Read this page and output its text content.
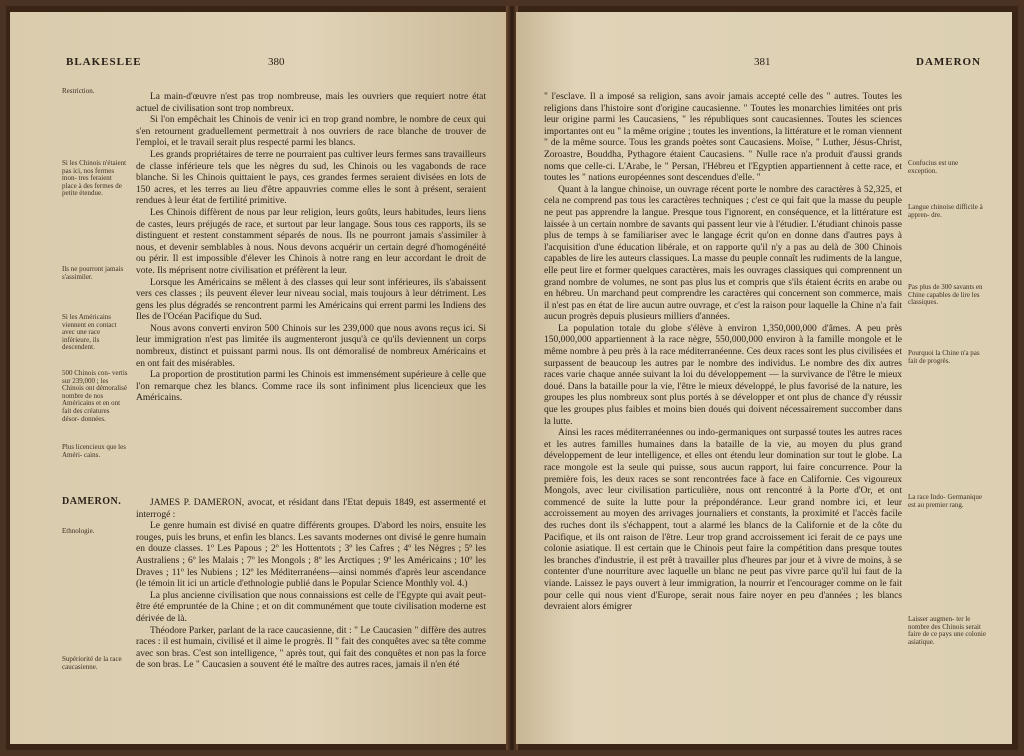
BLAKESLEE	380
Restriction.
Si les Chinois n'étaient pas ici, nos fermes mon- tres feraient place à des fermes de petite étendue.
Ils ne pourront jamais s'assimiler.
Si les Américains viennent en contact avec une race inférieure, ils descendent.
500 Chinois con- vertis sur 239,000 ; les Chinois ont démoralisé nombre de nos Américains et en ont fait des créatures désor- données.
Plus licencieux que les Améri- cains.

La main-d'œuvre n'est pas trop nombreuse, mais les ouvriers que requiert notre état actuel de civilisation sont trop nombreux.

Si l'on empêchait les Chinois de venir ici en trop grand nombre, le nombre de ceux qui s'en retournent graduellement permettrait à nos ouvriers de race blanche de trouver de l'emploi, et le travail serait plus respecté parmi les blancs.

Les grands propriétaires de terre ne pourraient pas cultiver leurs fermes sans travailleurs de classe inférieure tels que les nègres du sud, les Chinois ou les vagabonds de race blanche. Si les Chinois quittaient le pays, ces grandes fermes seraient divisées en lots de 150 acres, et les terres au lieu d'être appauvries comme elles le sont à présent, seraient rendues à leur état de fertilité primitive.

Les Chinois diffèrent de nous par leur religion, leurs goûts, leurs habitudes, leurs liens de castes, leurs préjugés de race, et surtout par leur langage. Sous tous ces rapports, ils se distinguent et restent constamment séparés de nous. Ils ne pourront jamais s'assimiler à nous, et devenir semblables à nous. Nous devons acquérir un certain degré d'homogénéité ou périr. Il est impossible d'élever les Chinois à notre rang en leur accordant le droit de vote. Ils méprisent notre civilisation et préfèrent la leur.

Lorsque les Américains se mêlent à des classes qui leur sont inférieures, ils s'abaissent vers ces classes ; ils peuvent élever leur niveau social, mais toujours à leur détriment. Les gens les plus dégradés se rencontrent parmi les Américains qui errent parmi les Indiens des Iles de l'Océan Pacifique du Sud.

Nous avons converti environ 500 Chinois sur les 239,000 que nous avons reçus ici. Si leur immigration n'est pas limitée ils augmenteront jusqu'à ce qu'ils deviennent un corps nombreux, distinct et puissant parmi nous. Ils ont démoralisé de nombreux Américains et en ont fait des misérables.

La proportion de prostitution parmi les Chinois est immensément supérieure à celle que l'on remarque chez les blancs. Comme race ils sont infiniment plus licencieux que les Américains.

DAMERON.
Ethnologie.
Supériorité de la race caucasienne.

JAMES P. DAMERON, avocat, et résidant dans l'Etat depuis 1849, est assermenté et interrogé :

Le genre humain est divisé en quatre différents groupes. D'abord les noirs, ensuite les rouges, puis les bruns, et enfin les blancs. Les savants modernes ont divisé le genre humain en douze classes. 1º Les Papous ; 2º les Hottentots ; 3º les Cafres ; 4º les Nègres ; 5º les Australiens ; 6º les Malais ; 7º les Mongols ; 8º les Arctiques ; 9º les Américains ; 10º les Draves ; 11º les Nubiens ; 12º les Méditerranéens—ainsi nommés d'après leur ascendance (le témoin lit ici un article d'ethnologie publié dans le Popular Science Monthly vol. 4.)

La plus ancienne civilisation que nous connaissions est celle de l'Egypte qui avait peut-être été empruntée de la Chine ; et on dit communément que toute civilisation moderne est dérivée de là.

Théodore Parker, parlant de la race caucasienne, dit : " Le Caucasien " diffère des autres races : il est humain, civilisé et il aime le progrès. Il " fait des conquêtes avec sa tête comme avec son bras. C'est son intelligence, " après tout, qui fait des conquêtes et non pas la force de son bras. Le " Caucasien a souvent été le maître des autres races, jamais il n'en été

381	DAMERON

" l'esclave. Il a imposé sa religion, sans avoir jamais accepté celle des " autres. Toutes les religions dans l'histoire sont d'origine caucasienne. " Toutes les monarchies limitées ont pris leur origine parmi les Caucasiens, " les républiques sont caucasiennes. Toutes les sciences importantes ont eu " la même origine ; toutes les inventions, la littérature et le roman viennent " de la même source. Tous les grands poètes sont Caucasiens. Moïse, " Luther, Jésus-Christ, Zoroastre, Bouddha, Pythagore étaient Caucasiens. " Nulle race n'a produit d'aussi grands noms que celle-ci. L'Arabe, le " Persan, l'Hébreu et l'Egyptien appartiennent à cette race, et toutes les " nations européennes sont descendues d'elle. "

Quant à la langue chinoise, un ouvrage récent porte le nombre des caractères à 52,325, et cela ne comprend pas tous les caractères techniques ; c'est ce qui fait que la masse du peuple ne peut pas apprendre la langue. Presque tous l'ignorent, en conséquence, et la littérature est laissée à un certain nombre de savants qui passent leur vie à l'étudier. L'étudiant chinois passe plus de temps à se familiariser avec le langage écrit qu'on en donne dans d'autres pays à l'acquisition d'une éducation libérale, et on rapporte qu'il n'y a pas au delà de 300 Chinois capables de lire les auteurs classiques. La masse du peuple connaît les rudiments de la langue, elle peut lire et former quelques caractères, mais les ouvrages classiques qui comprennent un grand nombre de volumes, ne sont pas plus lus et compris que s'ils étaient écrits en arabe ou en hébreu. Un marchand peut comprendre les caractères qui concernent son commerce, mais il n'est pas en état de lire aucun autre ouvrage, et c'est la raison pour laquelle la Chine n'a fait aucun progrès depuis plusieurs milliers d'années.

La population totale du globe s'élève à environ 1,350,000,000 d'âmes. A peu près 150,000,000 appartiennent à la race nègre, 550,000,000 environ à la famille mongole et le même nombre à peu près à la race méditerranéenne. Ces deux races sont les plus civilisées et surpassent de beaucoup les autres par le nombre des individus. Le nombre des dix autres races varie chaque année suivant la loi du développement — la survivance de l'être le mieux doué. Dans la bataille pour la vie, l'être le mieux développé, le plus favorisé de la nature, les groupes les plus nombreux sont plus portés à se développer et ont plus de chance d'y réussir que les groupes plus faibles et moins bien doués qui doivent nécessairement succomber dans la lutte.

Ainsi les races méditerranéennes ou indo-germaniques ont surpassé toutes les autres races et les autres familles humaines dans la bataille de la vie, au moyen du plus grand développement de leur intelligence, et elles ont étendu leur domination sur tout le globe. La race mongole est la seule qui puisse, sous aucun rapport, lui faire concurrence. Pour la première fois, les deux races se sont rencontrées face à face en Californie. Ces vigoureux Mongols, avec leur civilisation particulière, nous ont rencontré à la Porte d'Or, et ont commencé de suite la lutte pour la prépondérance. Leur grand nombre ici, et leur accroissement au moyen des arrivages journaliers et constants, la proximité et l'accès facile des ruches dont ils s'échappent, tout a alarmé les blancs de la Californie et de la côte du Pacifique, et ils ont raison de l'être. Leur trop grand accroissement ici ferait de ce pays une colonie asiatique. Il est certain que le Chinois peut faire la compétition dans presque toutes les branches d'industrie, il est prêt à travailler plus d'heures par jour et à vivre de moins, à se contenter d'une nourriture avec laquelle un blanc ne peut pas vivre parce qu'il lui faut de la viande. Laissez le pays ouvert à leur immigration, la nourrir et l'encourager comme on le fait pour celle qui nous vient d'Europe, serait nous faire noyer en peu d'années ; les blancs devraient alors émigrer

Confucius est une exception.
Langue chinoise difficile à appren- dre.
Pas plus de 300 savants en Chine capables de lire les classiques.
Pourquoi la Chine n'a pas fait de progrès.
La race Indo- Germanique est au premier rang.
Laisser augmen- ter le nombre des Chinois serait faire de ce pays une colonie asiatique.
